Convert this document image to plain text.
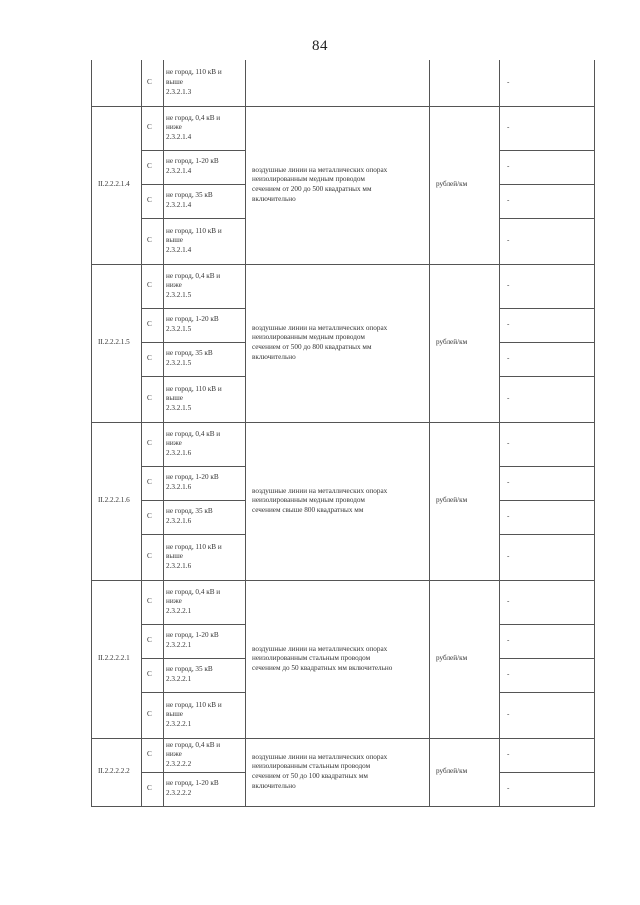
84
	С	не город, 110 кВ и
выше
2.3.2.1.3			-
II.2.2.2.1.4	С	не город, 0,4 кВ и
ниже
2.3.2.1.4	воздушные линии на металлических опорах
неизолированным медным проводом
сечением от 200 до 500 квадратных мм
включительно	рублей/км	-
	С	не город, 1-20 кВ
2.3.2.1.4			-
	С	не город, 35 кВ
2.3.2.1.4			-
	С	не город, 110 кВ и
выше
2.3.2.1.4			-
II.2.2.2.1.5	С	не город, 0,4 кВ и
ниже
2.3.2.1.5	воздушные линии на металлических опорах
неизолированным медным проводом
сечением от 500 до 800 квадратных мм
включительно	рублей/км	-
	С	не город, 1-20 кВ
2.3.2.1.5			-
	С	не город, 35 кВ
2.3.2.1.5			-
	С	не город, 110 кВ и
выше
2.3.2.1.5			-
II.2.2.2.1.6	С	не город, 0,4 кВ и
ниже
2.3.2.1.6	воздушные линии на металлических опорах
неизолированным медным проводом
сечением свыше 800 квадратных мм	рублей/км	-
	С	не город, 1-20 кВ
2.3.2.1.6			-
	С	не город, 35 кВ
2.3.2.1.6			-
	С	не город, 110 кВ и
выше
2.3.2.1.6			-
II.2.2.2.2.1	С	не город, 0,4 кВ и
ниже
2.3.2.2.1	воздушные линии на металлических опорах
неизолированным стальным проводом
сечением до 50 квадратных мм включительно	рублей/км	-
	С	не город, 1-20 кВ
2.3.2.2.1			-
	С	не город, 35 кВ
2.3.2.2.1			-
	С	не город, 110 кВ и
выше
2.3.2.2.1			-
II.2.2.2.2.2	С	не город, 0,4 кВ и
ниже
2.3.2.2.2	воздушные линии на металлических опорах
неизолированным стальным проводом
сечением от 50 до 100 квадратных мм
включительно	рублей/км	-
	С	не город, 1-20 кВ
2.3.2.2.2			-
